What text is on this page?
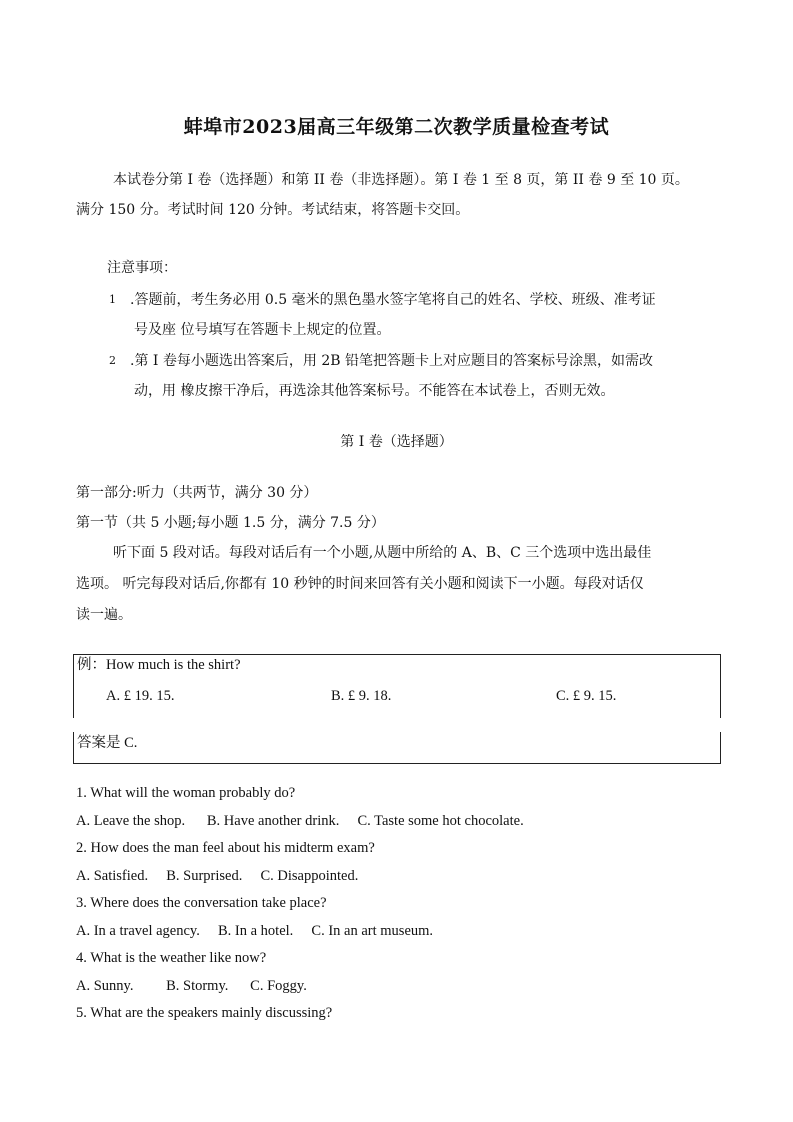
蚌埠市2023届高三年级第二次教学质量检查考试
本试卷分第 I 卷（选择题）和第 II 卷（非选择题）。第 I 卷 1 至 8 页，第 II 卷 9 至 10 页。
满分 150 分。考试时间 120 分钟。考试结束，将答题卡交回。
注意事项：
1 .答题前，考生务必用 0.5 毫米的黑色墨水签字笔将自己的姓名、学校、班级、准考证
号及座 位号填写在答题卡上规定的位置。
2 .第 I 卷每小题选出答案后，用 2B 铅笔把答题卡上对应题目的答案标号涂黑，如需改
动，用 橡皮擦干净后，再选涂其他答案标号。不能答在本试卷上，否则无效。
第 I 卷（选择题）
第一部分:听力（共两节，满分 30 分）
第一节（共 5 小题;每小题 1.5 分，满分 7.5 分）
听下面 5 段对话。每段对话后有一个小题,从题中所给的 A、B、C 三个选项中选出最佳
选项。 听完每段对话后,你都有 10 秒钟的时间来回答有关小题和阅读下一小题。每段对话仅
读一遍。
例：How much is the shirt?
A. £ 19. 15.	B. £ 9. 18.	C. £ 9. 15.
答案是 C.
1. What will the woman probably do?
A. Leave the shop.      B. Have another drink.     C. Taste some hot chocolate.
2. How does the man feel about his midterm exam?
A. Satisfied.     B. Surprised.     C. Disappointed.
3. Where does the conversation take place?
A. In a travel agency.     B. In a hotel.     C. In an art museum.
4. What is the weather like now?
A. Sunny.         B. Stormy.      C. Foggy.
5. What are the speakers mainly discussing?
